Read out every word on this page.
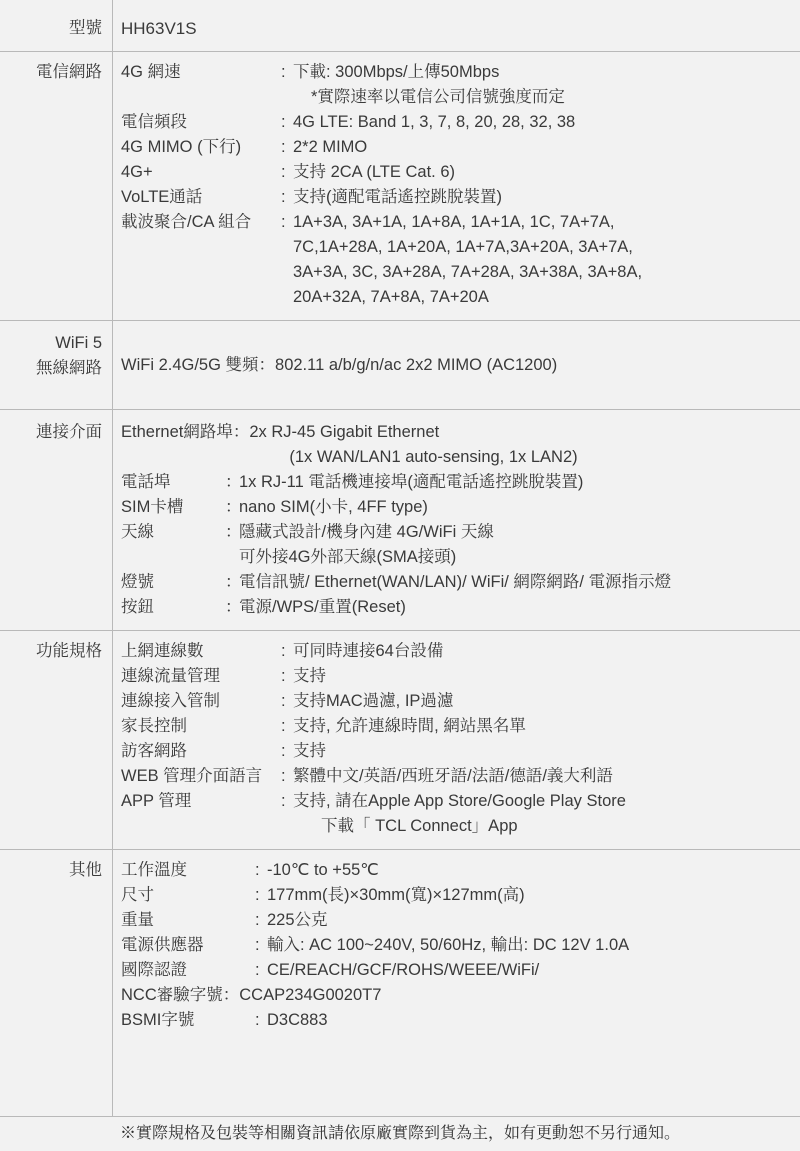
型號	HH63V1S
電信網路 4G 網速	: 下載: 300Mbps/上傳50Mbps
*實際速率以電信公司信號強度而定
電信頻段	: 4G LTE: Band 1, 3, 7, 8, 20, 28, 32, 38
4G MIMO (下行)	: 2*2 MIMO
4G+	: 支持 2CA (LTE Cat. 6)
VoLTE通話	: 支持(適配電話遙控跳脫裝置)
載波聚合/CA 組合	: 1A+3A, 3A+1A, 1A+8A, 1A+1A, 1C, 7A+7A,
7C,1A+28A, 1A+20A, 1A+7A,3A+20A, 3A+7A,
3A+3A, 3C, 3A+28A, 7A+28A, 3A+38A, 3A+8A,
20A+32A, 7A+8A, 7A+20A
WiFi 5
無線網路	WiFi 2.4G/5G 雙頻：802.11 a/b/g/n/ac 2x2 MIMO (AC1200)
連接介面 Ethernet網路埠 ： 2x RJ-45 Gigabit Ethernet
(1x WAN/LAN1 auto-sensing, 1x LAN2)
電話埠	：
1x RJ-11 電話機連接埠(適配電話遙控跳脫裝置)
SIM卡槽	：
nano SIM(小卡, 4FF type)
天線	：
隱藏式設計/機身內建 4G/WiFi 天線
可外接4G外部天線(SMA接頭)
燈號	：
電信訊號/ Ethernet(WAN/LAN)/ WiFi/ 網際網路/ 電源指示燈
按鈕	：
電源/WPS/重置(Reset)
功能規格 上網連線數	: 可同時連接64台設備
連線流量管理	: 支持
連線接入管制	: 支持MAC過濾, IP過濾
家長控制	: 支持, 允許連線時間, 網站黑名單
訪客網路	: 支持
WEB 管理介面語言	: 繁體中文/英語/西班牙語/法語/德語/義大利語
APP 管理	: 支持, 請在Apple App Store/Google Play Store
下載「 TCL Connect」App
其他 工作溫度	: -10℃ to +55℃
尺寸	: 177mm(長)×30mm(寬)×127mm(高)
重量	: 225公克
電源供應器	: 輸入: AC 100~240V, 50/60Hz, 輸出: DC 12V 1.0A
國際認證	: CE/REACH/GCF/ROHS/WEEE/WiFi/
NCC審驗字號 ： CCAP234G0020T7
BSMI字號	: D3C883
※實際規格及包裝等相關資訊請依原廠實際到貨為主，如有更動恕不另行通知。
